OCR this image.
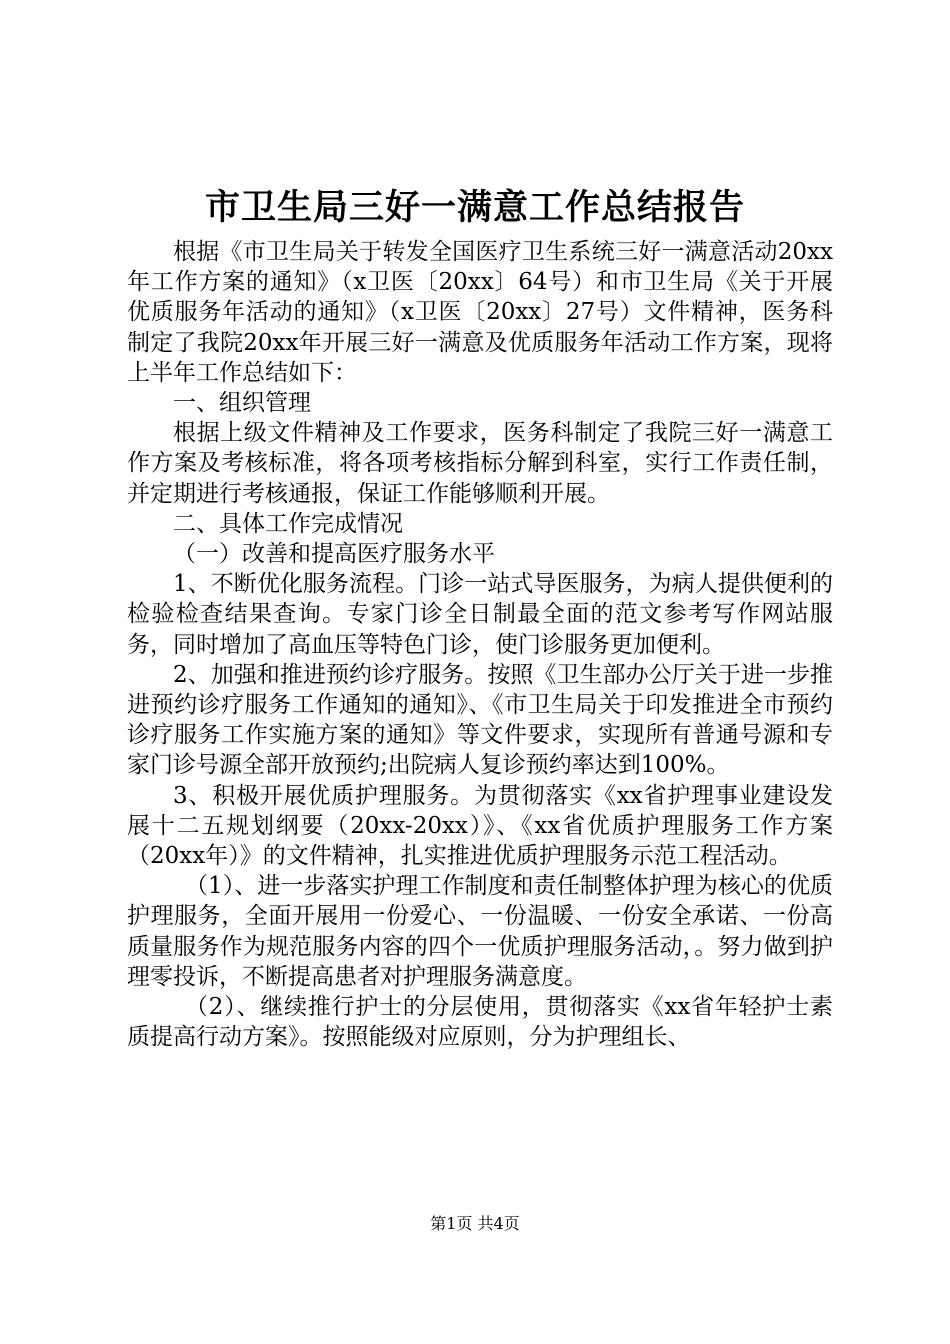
市卫生局三好一满意工作总结报告

根据《市卫生局关于转发全国医疗卫生系统三好一满意活动20xx年工作方案的通知》（x卫医〔20xx〕64号）和市卫生局《关于开展优质服务年活动的通知》（x卫医〔20xx〕27号）文件精神，医务科制定了我院20xx年开展三好一满意及优质服务年活动工作方案，现将上半年工作总结如下：

一、组织管理

根据上级文件精神及工作要求，医务科制定了我院三好一满意工作方案及考核标准，将各项考核指标分解到科室，实行工作责任制，并定期进行考核通报，保证工作能够顺利开展。

二、具体工作完成情况

（一）改善和提高医疗服务水平

1、不断优化服务流程。门诊一站式导医服务，为病人提供便利的检验检查结果查询。专家门诊全日制最全面的范文参考写作网站服务，同时增加了高血压等特色门诊，使门诊服务更加便利。

2、加强和推进预约诊疗服务。按照《卫生部办公厅关于进一步推进预约诊疗服务工作通知的通知》、《市卫生局关于印发推进全市预约诊疗服务工作实施方案的通知》等文件要求，实现所有普通号源和专家门诊号源全部开放预约;出院病人复诊预约率达到100%。

3、积极开展优质护理服务。为贯彻落实《xx省护理事业建设发展十二五规划纲要（20xx-20xx）》、《xx省优质护理服务工作方案（20xx年）》的文件精神，扎实推进优质护理服务示范工程活动。

（1）、进一步落实护理工作制度和责任制整体护理为核心的优质护理服务，全面开展用一份爱心、一份温暖、一份安全承诺、一份高质量服务作为规范服务内容的四个一优质护理服务活动，。努力做到护理零投诉，不断提高患者对护理服务满意度。

（2）、继续推行护士的分层使用，贯彻落实《xx省年轻护士素质提高行动方案》。按照能级对应原则，分为护理组长、

第1页 共4页
